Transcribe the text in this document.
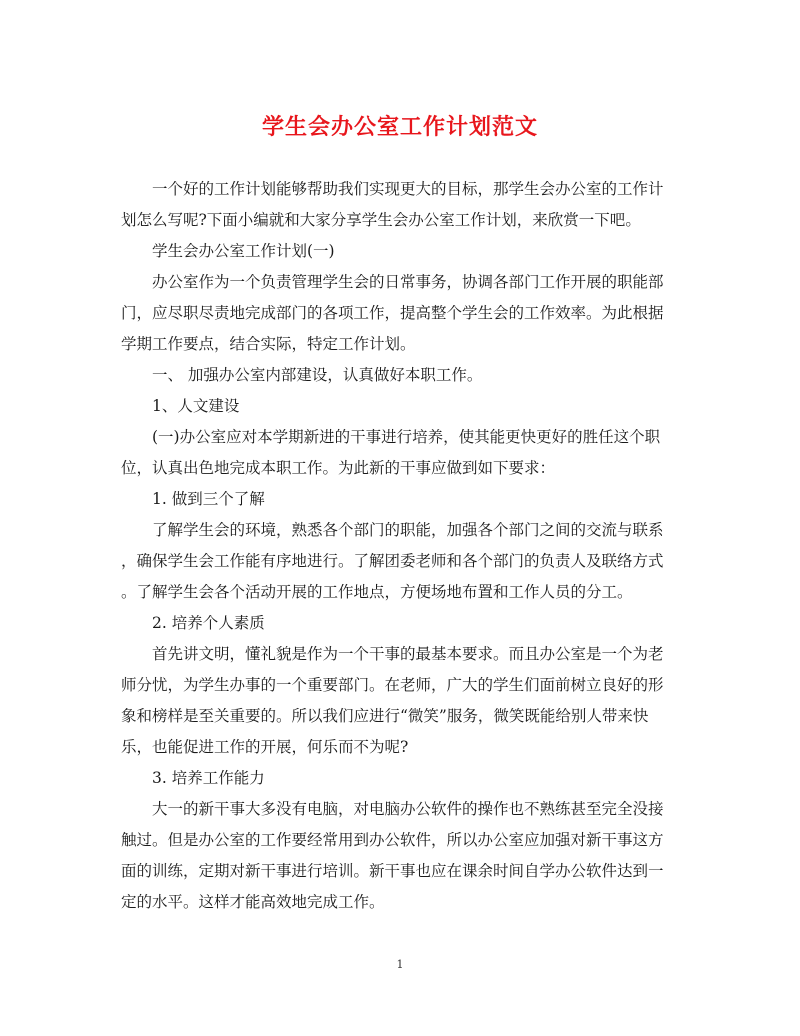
学生会办公室工作计划范文
一个好的工作计划能够帮助我们实现更大的目标，那学生会办公室的工作计
划怎么写呢?下面小编就和大家分享学生会办公室工作计划，来欣赏一下吧。
学生会办公室工作计划(一)
办公室作为一个负责管理学生会的日常事务，协调各部门工作开展的职能部
门，应尽职尽责地完成部门的各项工作，提高整个学生会的工作效率。为此根据
学期工作要点，结合实际，特定工作计划。
一、 加强办公室内部建设，认真做好本职工作。
1、人文建设
(一)办公室应对本学期新进的干事进行培养，使其能更快更好的胜任这个职
位，认真出色地完成本职工作。为此新的干事应做到如下要求：
1. 做到三个了解
了解学生会的环境，熟悉各个部门的职能，加强各个部门之间的交流与联系
，确保学生会工作能有序地进行。了解团委老师和各个部门的负责人及联络方式
。了解学生会各个活动开展的工作地点，方便场地布置和工作人员的分工。
2. 培养个人素质
首先讲文明，懂礼貌是作为一个干事的最基本要求。而且办公室是一个为老
师分忧，为学生办事的一个重要部门。在老师，广大的学生们面前树立良好的形
象和榜样是至关重要的。所以我们应进行“微笑”服务，微笑既能给别人带来快
乐，也能促进工作的开展，何乐而不为呢?
3. 培养工作能力
大一的新干事大多没有电脑，对电脑办公软件的操作也不熟练甚至完全没接
触过。但是办公室的工作要经常用到办公软件，所以办公室应加强对新干事这方
面的训练，定期对新干事进行培训。新干事也应在课余时间自学办公软件达到一
定的水平。这样才能高效地完成工作。
1
